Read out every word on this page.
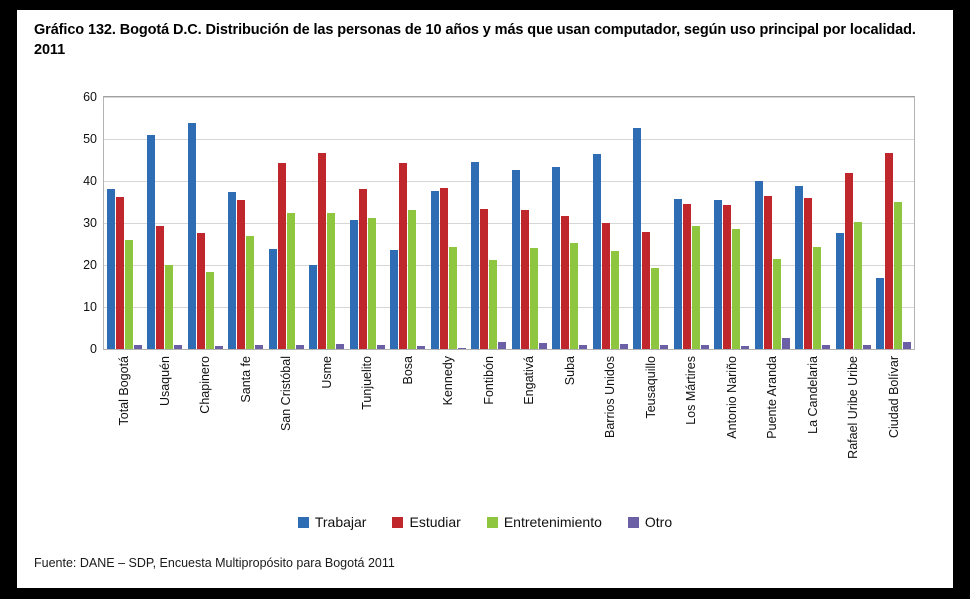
Gráfico 132. Bogotá D.C. Distribución de las personas de 10 años y más que usan computador, según uso principal por localidad. 2011
0
10
20
30
40
50
60
Total Bogotá Usaquén Chapinero Santa fe San Cristóbal Usme Tunjuelito Bosa Kennedy Fontibón Engativá Suba Barrios Unidos Teusaquillo Los Mártires Antonio Nariño Puente Aranda La Candelaria Rafael Uribe Uribe Ciudad Bolívar
Trabajar	Estudiar	Entretenimiento	Otro
Fuente: DANE – SDP, Encuesta Multipropósito para Bogotá 2011
